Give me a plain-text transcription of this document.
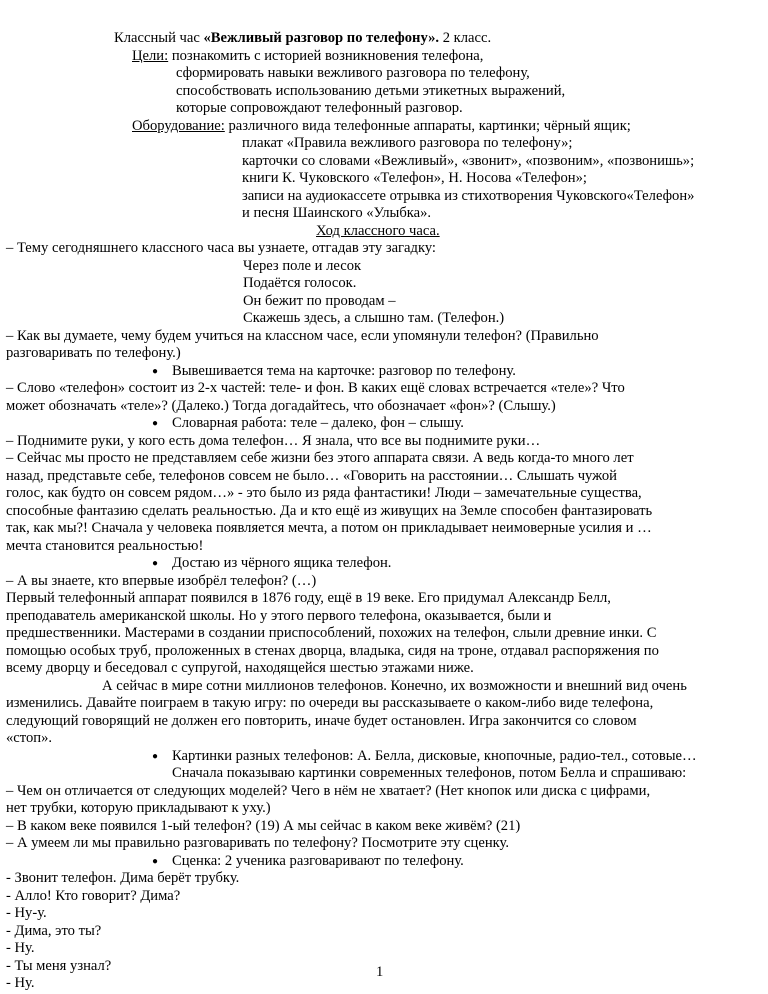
Классный час «Вежливый разговор по телефону». 2 класс.
Цели: познакомить с историей возникновения телефона,
сформировать навыки вежливого разговора по телефону,
способствовать использованию детьми этикетных выражений,
которые сопровождают телефонный разговор.
Оборудование: различного вида телефонные аппараты, картинки; чёрный ящик;
плакат «Правила вежливого разговора по телефону»;
карточки со словами «Вежливый», «звонит», «позвоним», «позвонишь»;
книги К. Чуковского «Телефон», Н. Носова «Телефон»;
записи на аудиокассете отрывка из стихотворения Чуковского«Телефон»
и песня Шаинского «Улыбка».
Ход классного часа.
– Тему сегодняшнего классного часа вы узнаете, отгадав эту загадку:
Через поле и лесок
Подаётся голосок.
Он бежит по проводам –
Скажешь здесь, а слышно там. (Телефон.)
– Как вы думаете, чему будем учиться на классном часе, если упомянули телефон? (Правильно
разговаривать по телефону.)
● Вывешивается тема на карточке: разговор по телефону.
– Слово «телефон» состоит из 2-х частей: теле- и фон. В каких ещё словах встречается «теле»? Что
может обозначать «теле»? (Далеко.) Тогда догадайтесь, что обозначает «фон»? (Слышу.)
● Словарная работа: теле – далеко, фон – слышу.
– Поднимите руки, у кого есть дома телефон… Я знала, что все вы поднимите руки…
– Сейчас мы просто не представляем себе жизни без этого аппарата связи. А ведь когда-то много лет
назад, представьте себе, телефонов совсем не было… «Говорить на расстоянии… Слышать чужой
голос, как будто он совсем рядом…» - это было из ряда фантастики! Люди – замечательные существа,
способные фантазию сделать реальностью. Да и кто ещё из живущих на Земле способен фантазировать
так, как мы?! Сначала у человека появляется мечта, а потом он прикладывает неимоверные усилия и …
мечта становится реальностью!
● Достаю из чёрного ящика телефон.
– А вы знаете, кто впервые изобрёл телефон? (…)
Первый телефонный аппарат появился в 1876 году, ещё в 19 веке. Его придумал Александр Белл,
преподаватель американской школы. Но у этого первого телефона, оказывается, были и
предшественники. Мастерами в создании приспособлений, похожих на телефон, слыли древние инки. С
помощью особых труб, проложенных в стенах дворца, владыка, сидя на троне, отдавал распоряжения по
всему дворцу и беседовал с супругой, находящейся шестью этажами ниже.
А сейчас в мире сотни миллионов телефонов. Конечно, их возможности и внешний вид очень
изменились. Давайте поиграем в такую игру: по очереди вы рассказываете о каком-либо виде телефона,
следующий говорящий не должен его повторить, иначе будет остановлен. Игра закончится со словом
«стоп».
● Картинки разных телефонов: А. Белла, дисковые, кнопочные, радио-тел., сотовые…
Сначала показываю картинки современных телефонов, потом Белла и спрашиваю:
– Чем он отличается от следующих моделей? Чего в нём не хватает? (Нет кнопок или диска с цифрами,
нет трубки, которую прикладывают к уху.)
– В каком веке появился 1-ый телефон? (19) А мы сейчас в каком веке живём? (21)
– А умеем ли мы правильно разговаривать по телефону? Посмотрите эту сценку.
● Сценка: 2 ученика разговаривают по телефону.
- Звонит телефон. Дима берёт трубку.
- Алло! Кто говорит? Дима?
- Ну-у.
- Дима, это ты?
- Ну.
- Ты меня узнал?
- Ну.
1
